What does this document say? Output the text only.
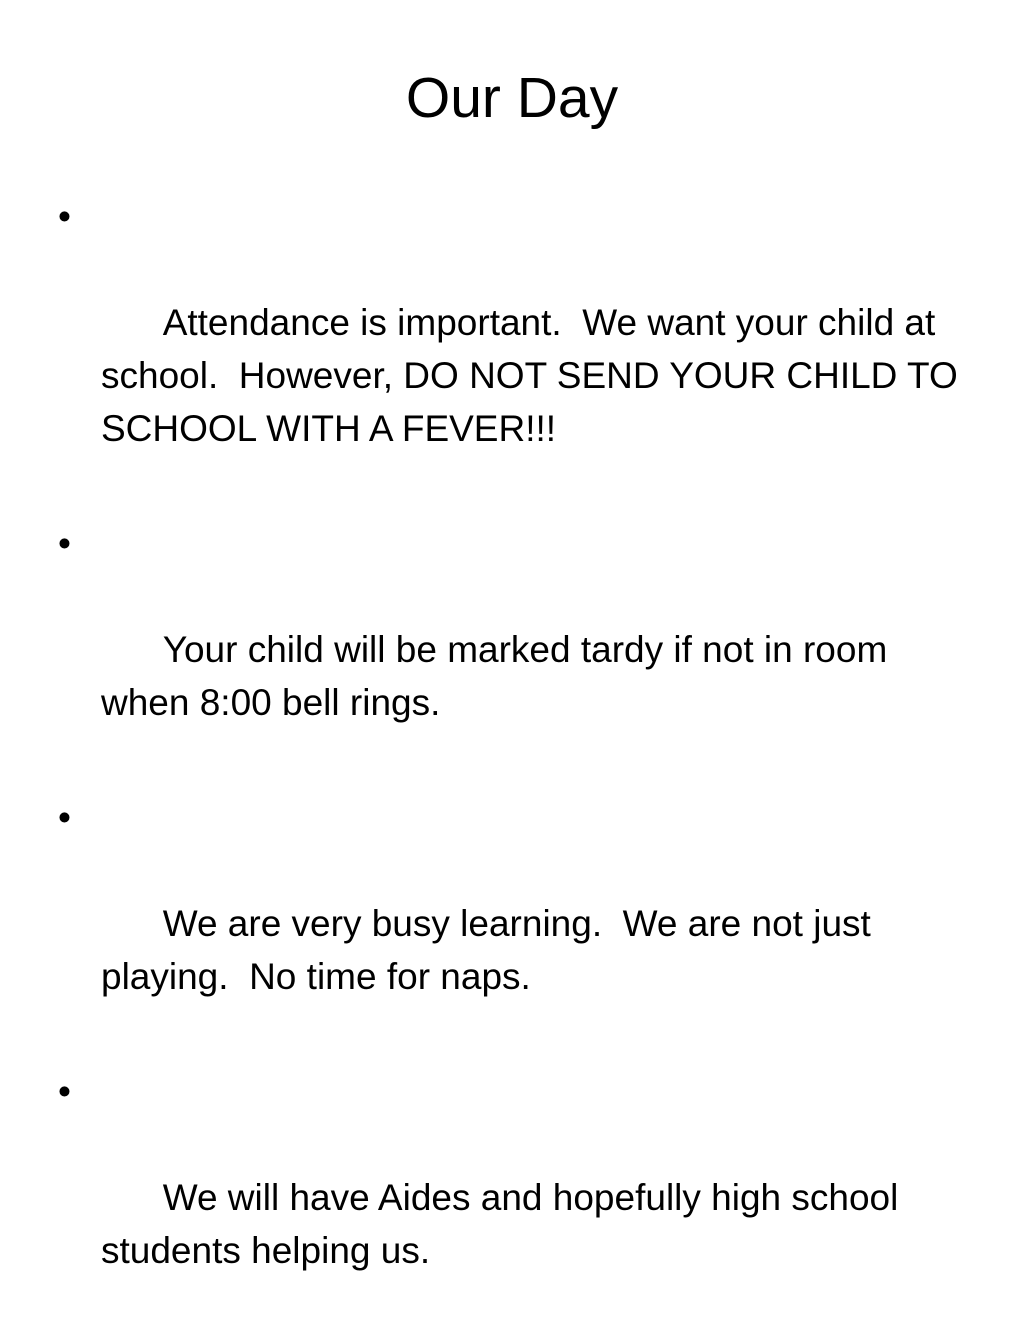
Our Day

•

Attendance is important.  We want your child at school.  However, DO NOT SEND YOUR CHILD TO SCHOOL WITH A FEVER!!!

•

Your child will be marked tardy if not in room when 8:00 bell rings.

•

We are very busy learning.  We are not just playing.  No time for naps.

•

We will have Aides and hopefully high school students helping us.
